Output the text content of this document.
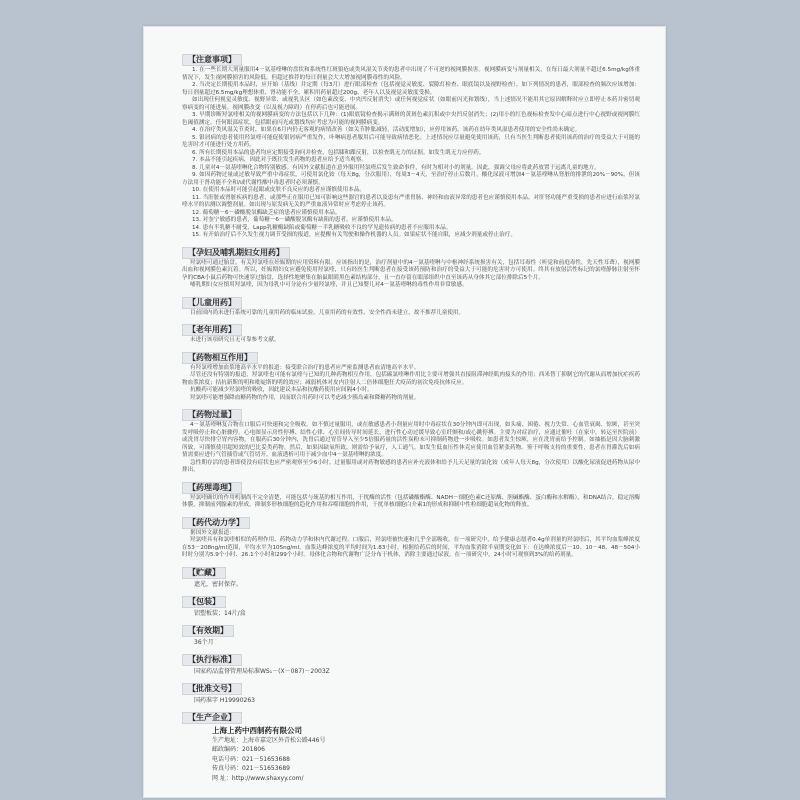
【注意事项】

1. 在一些长期大剂量服用4－氨基喹啉的盘状和系统性红斑狼疮或类风湿关节炎的患者中出现了不可逆的视网膜损害。视网膜病变与剂量相关，在每日最大剂量不超过6.5mg/kg体重情况下，发生视网膜损害的风险低。但超过推荐的每日剂量会大大增加视网膜毒性的风险。

2. 当决定长期使用本品时，应开始（基线）并定期（每3月）进行眼部检查（包括视觉灵敏度、裂隙灯检查、眼底镜以及视野检查）。如下列情况的患者，眼部检查的频次应该增加：每日剂量超过6.5mg/kg理想体重、肾功能不全、累积用药量超过200g、老年人以及视觉灵敏度受损。

如出现任何视觉灵敏度、视野异常、或视乳头区（如色素改变、中央凹反射消失）或任何视觉症状（如眼前闪光和划线），当上述情况不能用其它原因解释时应立即停止本药并密切观察病变的可能进展。视网膜改变（以及视力障碍）在停药后也可能进展。

3. 早期诊断羟氯喹相关的视网膜病变的方法包括以下几种：(1)眼底镜检查揭示满斑的黄斑色素沉积或中央凹反射消失；(2)用小的红色视标检查发中心暗点进行中心视野或视网膜红色阈值测定。任何眼部症状，包括眼前闪光或划线均应考虑为可能的视网膜病变。

4. 在治疗类风湿关节炎时，如果在6月内仍无客观的病情改善（如关节肿胀减轻，活动度增加），应停用该药。该药在幼年类风湿患者使用的安全性尚未确定。

5. 银屑病的患者使用羟氯喹可能促使银屑病严重发作，卟啉病患者服用后可能导致病情恶化。上述情况应尽量避免使用该药，只有当医生判断患者使用该药的治疗的受益大于可能的危害时才可能进行处方用药。

6. 所有长期使用本品的患者均应定期接受询问并检查，包括膝和踝反射，以检查肌无力的证据。如发生肌无力应停药。

7. 本品不能引起疾病，因此对于既往发生药物的患者应给予适当观察。

8. 儿童对4－氨基喹啉化合物特别敏感。有因外文献报道在意外服用羟氯喹后发生致命事件，有时为相对小的剂量。因此，强调父母应将此药放置于远离儿童的地方。

9. 如因药物过量或过敏导致严重中毒症状，可使用氯化铵（每天8g，分次服用），每周3－4天，至治疗停止后数月，酸化尿液可增加4－氨基喹啉从肾脏的排泄的20%－90%。但该方法用于肾功能不全和/或代谢性酸中毒患者时必须谨慎。

10. 在使用本品时可能引起眼或皮肤不良反应的患者应谨慎使用本品。

11. 当肝脏或肾脏疾病的患者，或那些正在服用已知可影响这些器官的患者以及患有严重胃肠、神经和血液异常的患者也应谨慎使用本品。对肝肾功能严重受损的患者应进行血浆羟氯喹水平的估测以调整剂量。如出现与原发病无关的严重血液异常时应考虑停止该药。

12. 葡萄糖－6－磷酸脱氢酶缺乏症的患者应谨慎使用本品。

13. 对奎宁敏感的患者，葡萄糖－6－磷酸脱氢酶有缺陷的患者，应谨慎使用本品。

14. 患有半乳糖不耐受、Lapp乳糖酶缺陷或葡萄糖－半乳糖吸收不良的罕见遗传病的患者不应服用本品。

15. 有开始治疗后不久发生视力调节受损的报道，应提醒有关驾驶和操作机器的人员。如果症状不能自限，应减少剂量或停止治疗。

【孕妇及哺乳期妇女用药】

羟氯喹可通过胎盘。有关羟氯喹在妊娠期的应用资料有限。应该指出的是，治疗剂量中的4－氨基喹啉与中枢神经系统损害有关，包括耳毒性（听觉和前庭毒性，先天性耳聋），视网膜出血和视网膜色素沉着。所以，妊娠期妇女应避免使用羟氯喹，只有经医生判断患者在接受该药预防和治疗的受益大于可能的危害时方可使用。终其有放射活性标记的氯喹静脉注射至怀孕的CBA小鼠后药物可快速穿过胎盘，选择性地聚集在胎鼠眼睛黑色素结构部分，且一直存留在眼部组织中直至该药从身体其它部位排除后5个月。

哺乳期妇女应慎用羟氯喹，因为母乳中可分泌有少量羟氯喹，并且已知婴儿对4－氨基喹啉的毒性作用非常敏感。

【儿童用药】

目前国内尚未进行系统可靠的儿童用药的临床试验，儿童用药的有效性、安全性尚未建立，故不推荐儿童使用。

【老年用药】

未进行该项研究且无可靠参考文献。

【药物相互作用】

有羟氯喹增加血浆地高辛水平的报道：接受联合治疗的患者应严密监测患者血清地高辛水平。

尽管还没有特别的报道，羟氯喹也可能有氯喹与已知的几种药物相互作用，包括碳氯喹啉作用比主要可增强其直接阻滞神经肌肉接头的作用；西米替丁抑制它的代谢从而增加抗疟疾药物血浆浓度；拮抗新斯的明和吡啶斯的明的效应；减弱机体对皮内注射人二倍体细胞狂犬疫苗的初次免疫抗体反应。

抗酸药可能减少羟氯喹的吸收，因此建议本品和抗酸药使用应间隔4小时。

羟氯喹可能增强降血糖药物的作用，因而联合用药时可以考虑减少胰岛素和降糖药物的剂量。

【药物过量】

4－氨基喹啉复合物在口服后可快速和完全吸收。如不慎过量服用，或在敏感患者小剂量应用时中毒症状在30分钟内即可出现，如头痛、困倦、视力失常、心血管衰竭、惊厥，甚至突发呼吸停止和心脏骤停。心电图显示房性停搏、结性心律、心室间传导时间延长，进行性心动过缓导致心室纤颤和/或心跳停搏。主要为对症治疗，应通过催吐（在家中，转运至医院前）或洗胃尽快排空胃内容物。在服药后30分钟内，洗胃后通过胃管导入至少5倍服药量的活性炭粉末可抑制药物进一步吸收。如患者发生惊厥，应在洗胃前给予控制。如抽搐是因大脑刺激所致，可谨慎使用超短效的巴比妥类药物。然后，如果因缺氧所致，则需给予氧疗，人工通气。如发生低血压性休克应使用血管紧张药物。鉴于呼吸支持的重要性，患者在胃灌洗后如病情需要应进行气管插管或气管切开。血液透析可用于减少血中4－氨基喹啉的浓度。

急性期存活的患者即使没有症状也应严密观察至少6小时。过量服用或对药物敏感的患者应补充液体和给予儿天足量的氯化铵（成年人每天8g，分次使用）以酸化尿液促进药物从尿中排出。

【药理毒理】

羟氯喹确切的作用机制尚不完全清楚，可能包括与巯基的相互作用，干扰酶的活性（包括磷酸酯酶、NADH－细胞色素C还原酶、胆碱酯酶、蛋白酶和水解酶），和DNA结合，稳定溶酶体膜，抑制前列腺素的形成，抑制多形核细胞的趋化作用和吞噬细胞的作用，干扰单核细胞白介素1的形成和抑制中性粒细胞超氧化物的释放。

【药代动力学】

据国外文献报道：

羟氯喹具有和氯喹相似的药理作用、药物动力学和体内代谢过程。口服后，羟氯喹被快速和几乎全部吸收。在一项研究中，给予健康志愿者0.4g单剂量的羟氯喹后，其平均血浆峰浓度在53－208ng/ml范围，平均水平为105ng/ml。血浆达峰浓度的平均时间为1.83小时。根据给药后的时间，平均血浆消除半衰期变化如下：在达峰浓度后－10、10－48、48－504小时时分别为5.9个小时、26.1个小时和299个小时。母体化合物和代谢物广泛分布于机体，消除主要通过尿液，在一项研究中，24小时可观察到3%的给药剂量。

【贮藏】

遮光，密封保存。

【包装】

铝塑板装；14片/盒

【有效期】

36个月

【执行标准】

国家药品监督管理局标准WS₁－(X－087)－2003Z

【批准文号】

国药准字 H19990263

【生产企业】
上海上药中西制药有限公司
生产地址：上海市嘉定区外青松公路446号
邮政编码：201806
电话号码：021－51653688
传真号码：021－51653689
网 址：http://www.shaxyy.com/
